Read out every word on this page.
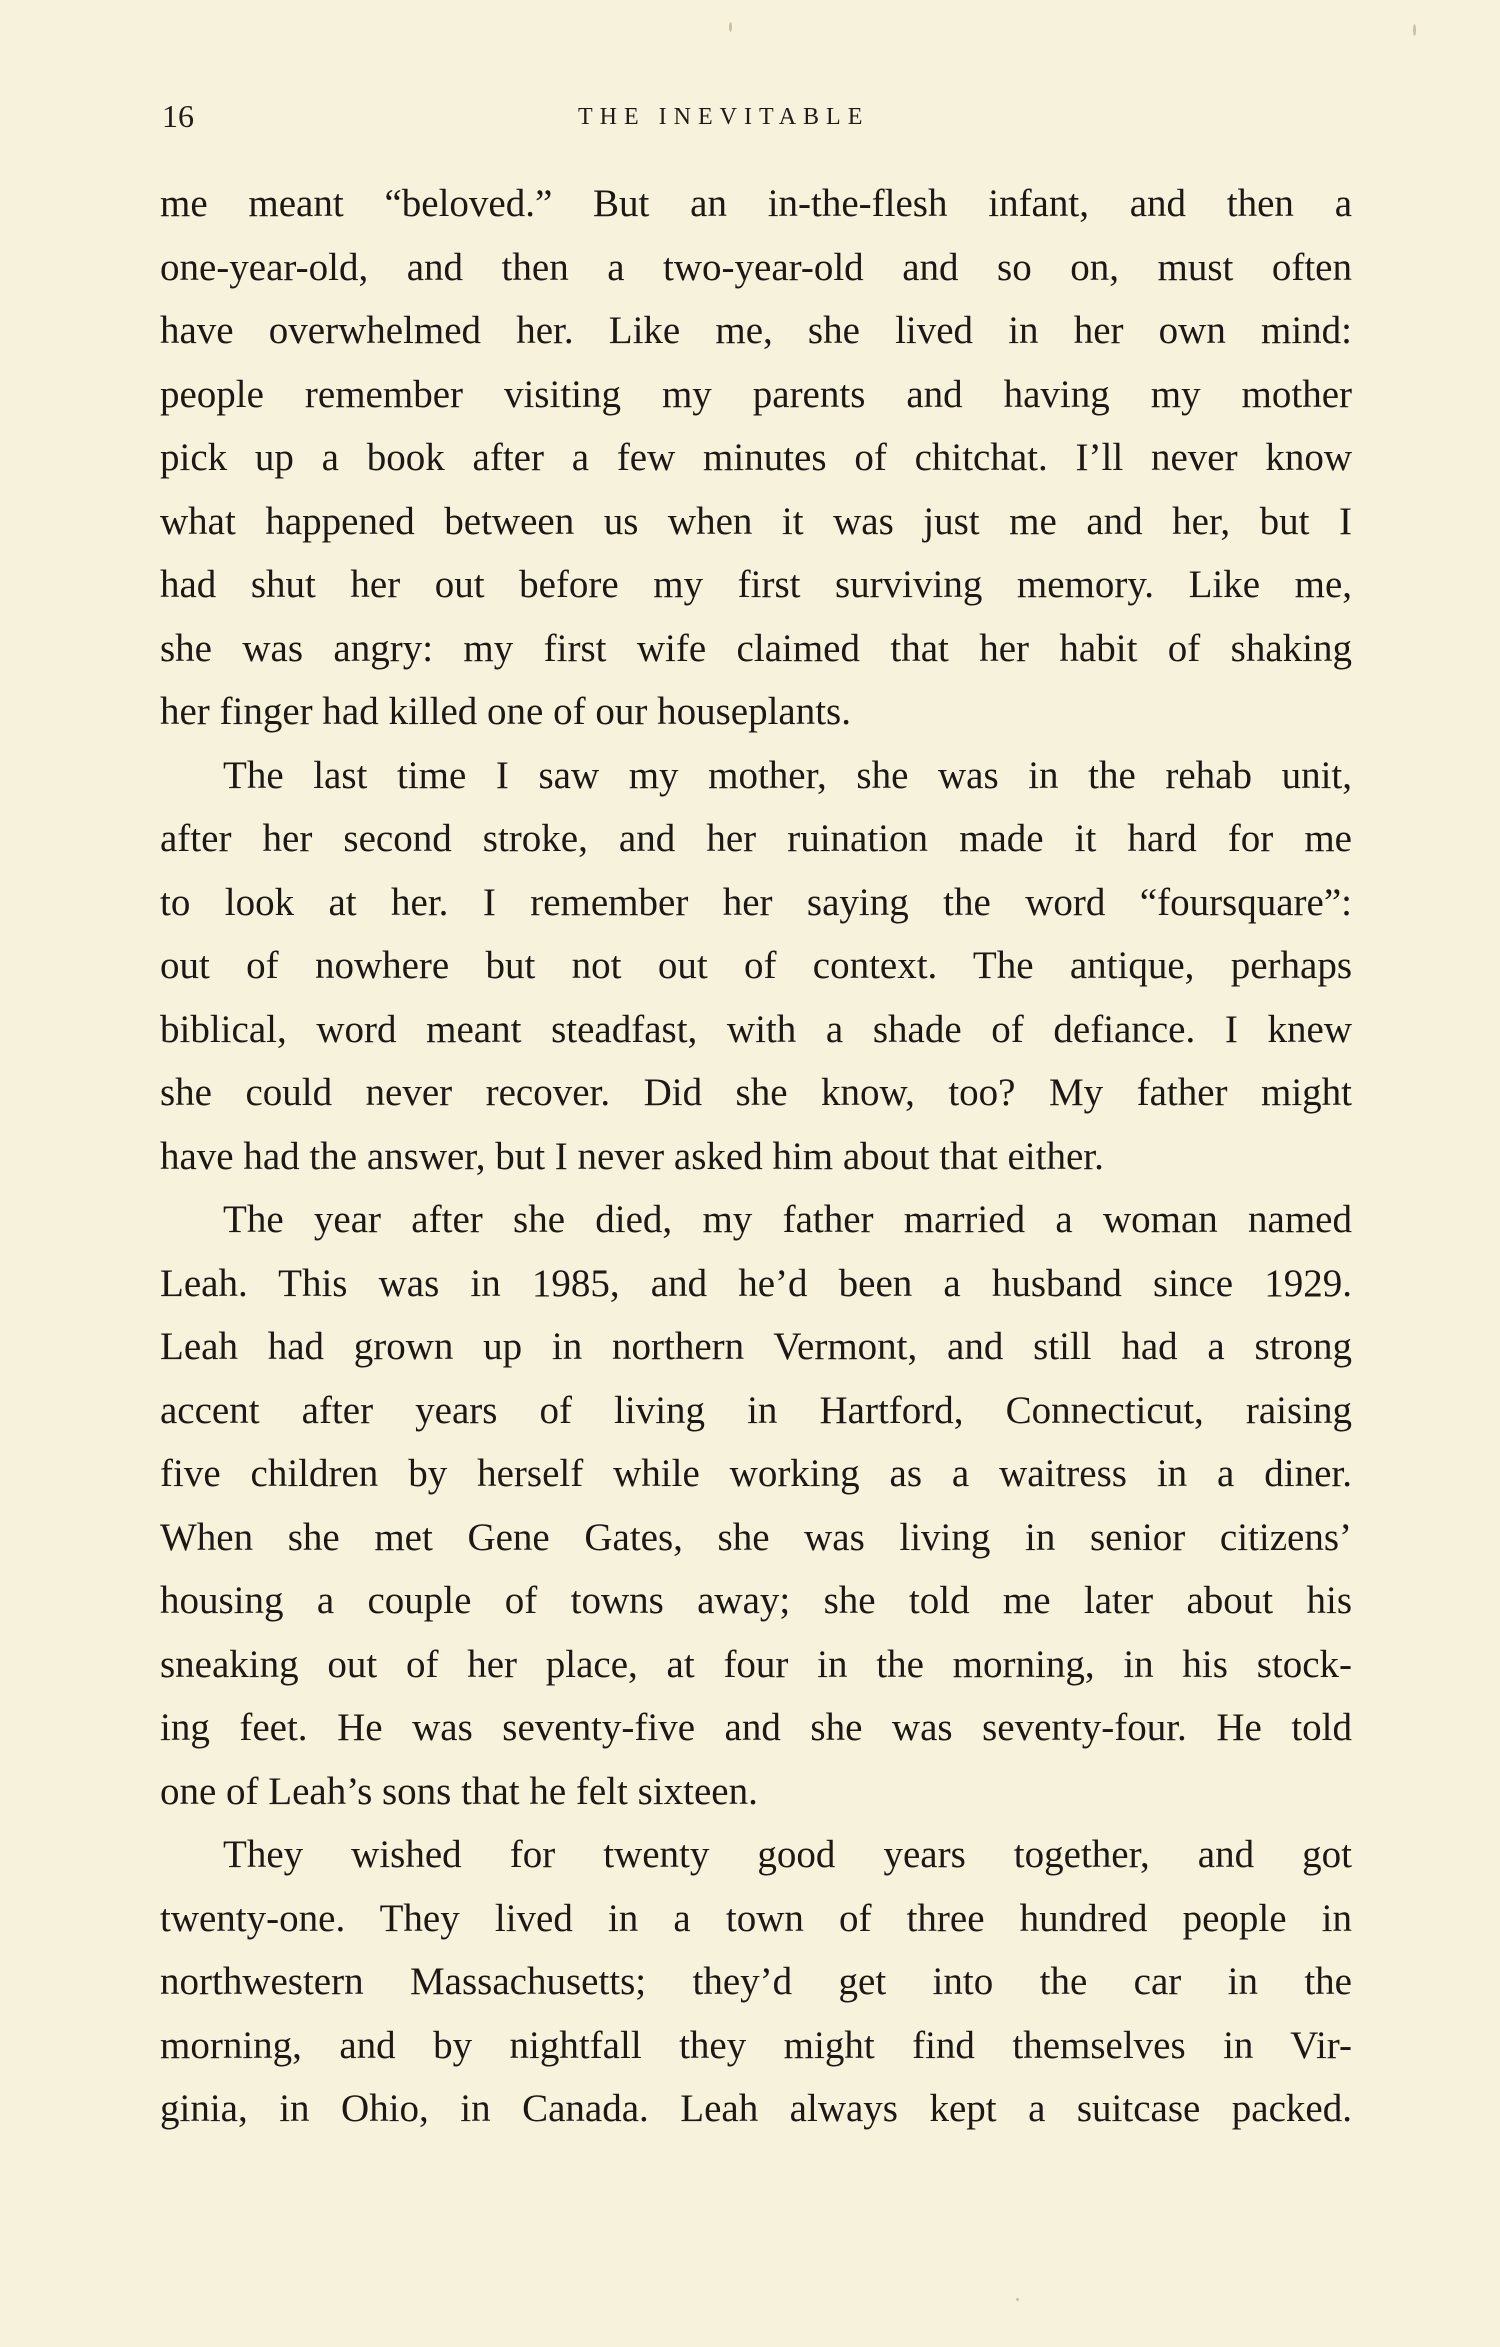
16	THE INEVITABLE
me meant “beloved.” But an in-the-flesh infant, and then a
one-year-old, and then a two-year-old and so on, must often
have overwhelmed her. Like me, she lived in her own mind:
people remember visiting my parents and having my mother
pick up a book after a few minutes of chitchat. I’ll never know
what happened between us when it was just me and her, but I
had shut her out before my first surviving memory. Like me,
she was angry: my first wife claimed that her habit of shaking
her finger had killed one of our houseplants.
The last time I saw my mother, she was in the rehab unit,
after her second stroke, and her ruination made it hard for me
to look at her. I remember her saying the word “foursquare”:
out of nowhere but not out of context. The antique, perhaps
biblical, word meant steadfast, with a shade of defiance. I knew
she could never recover. Did she know, too? My father might
have had the answer, but I never asked him about that either.
The year after she died, my father married a woman named
Leah. This was in 1985, and he’d been a husband since 1929.
Leah had grown up in northern Vermont, and still had a strong
accent after years of living in Hartford, Connecticut, raising
five children by herself while working as a waitress in a diner.
When she met Gene Gates, she was living in senior citizens’
housing a couple of towns away; she told me later about his
sneaking out of her place, at four in the morning, in his stock-
ing feet. He was seventy-five and she was seventy-four. He told
one of Leah’s sons that he felt sixteen.
They wished for twenty good years together, and got
twenty-one. They lived in a town of three hundred people in
northwestern Massachusetts; they’d get into the car in the
morning, and by nightfall they might find themselves in Vir-
ginia, in Ohio, in Canada. Leah always kept a suitcase packed.
